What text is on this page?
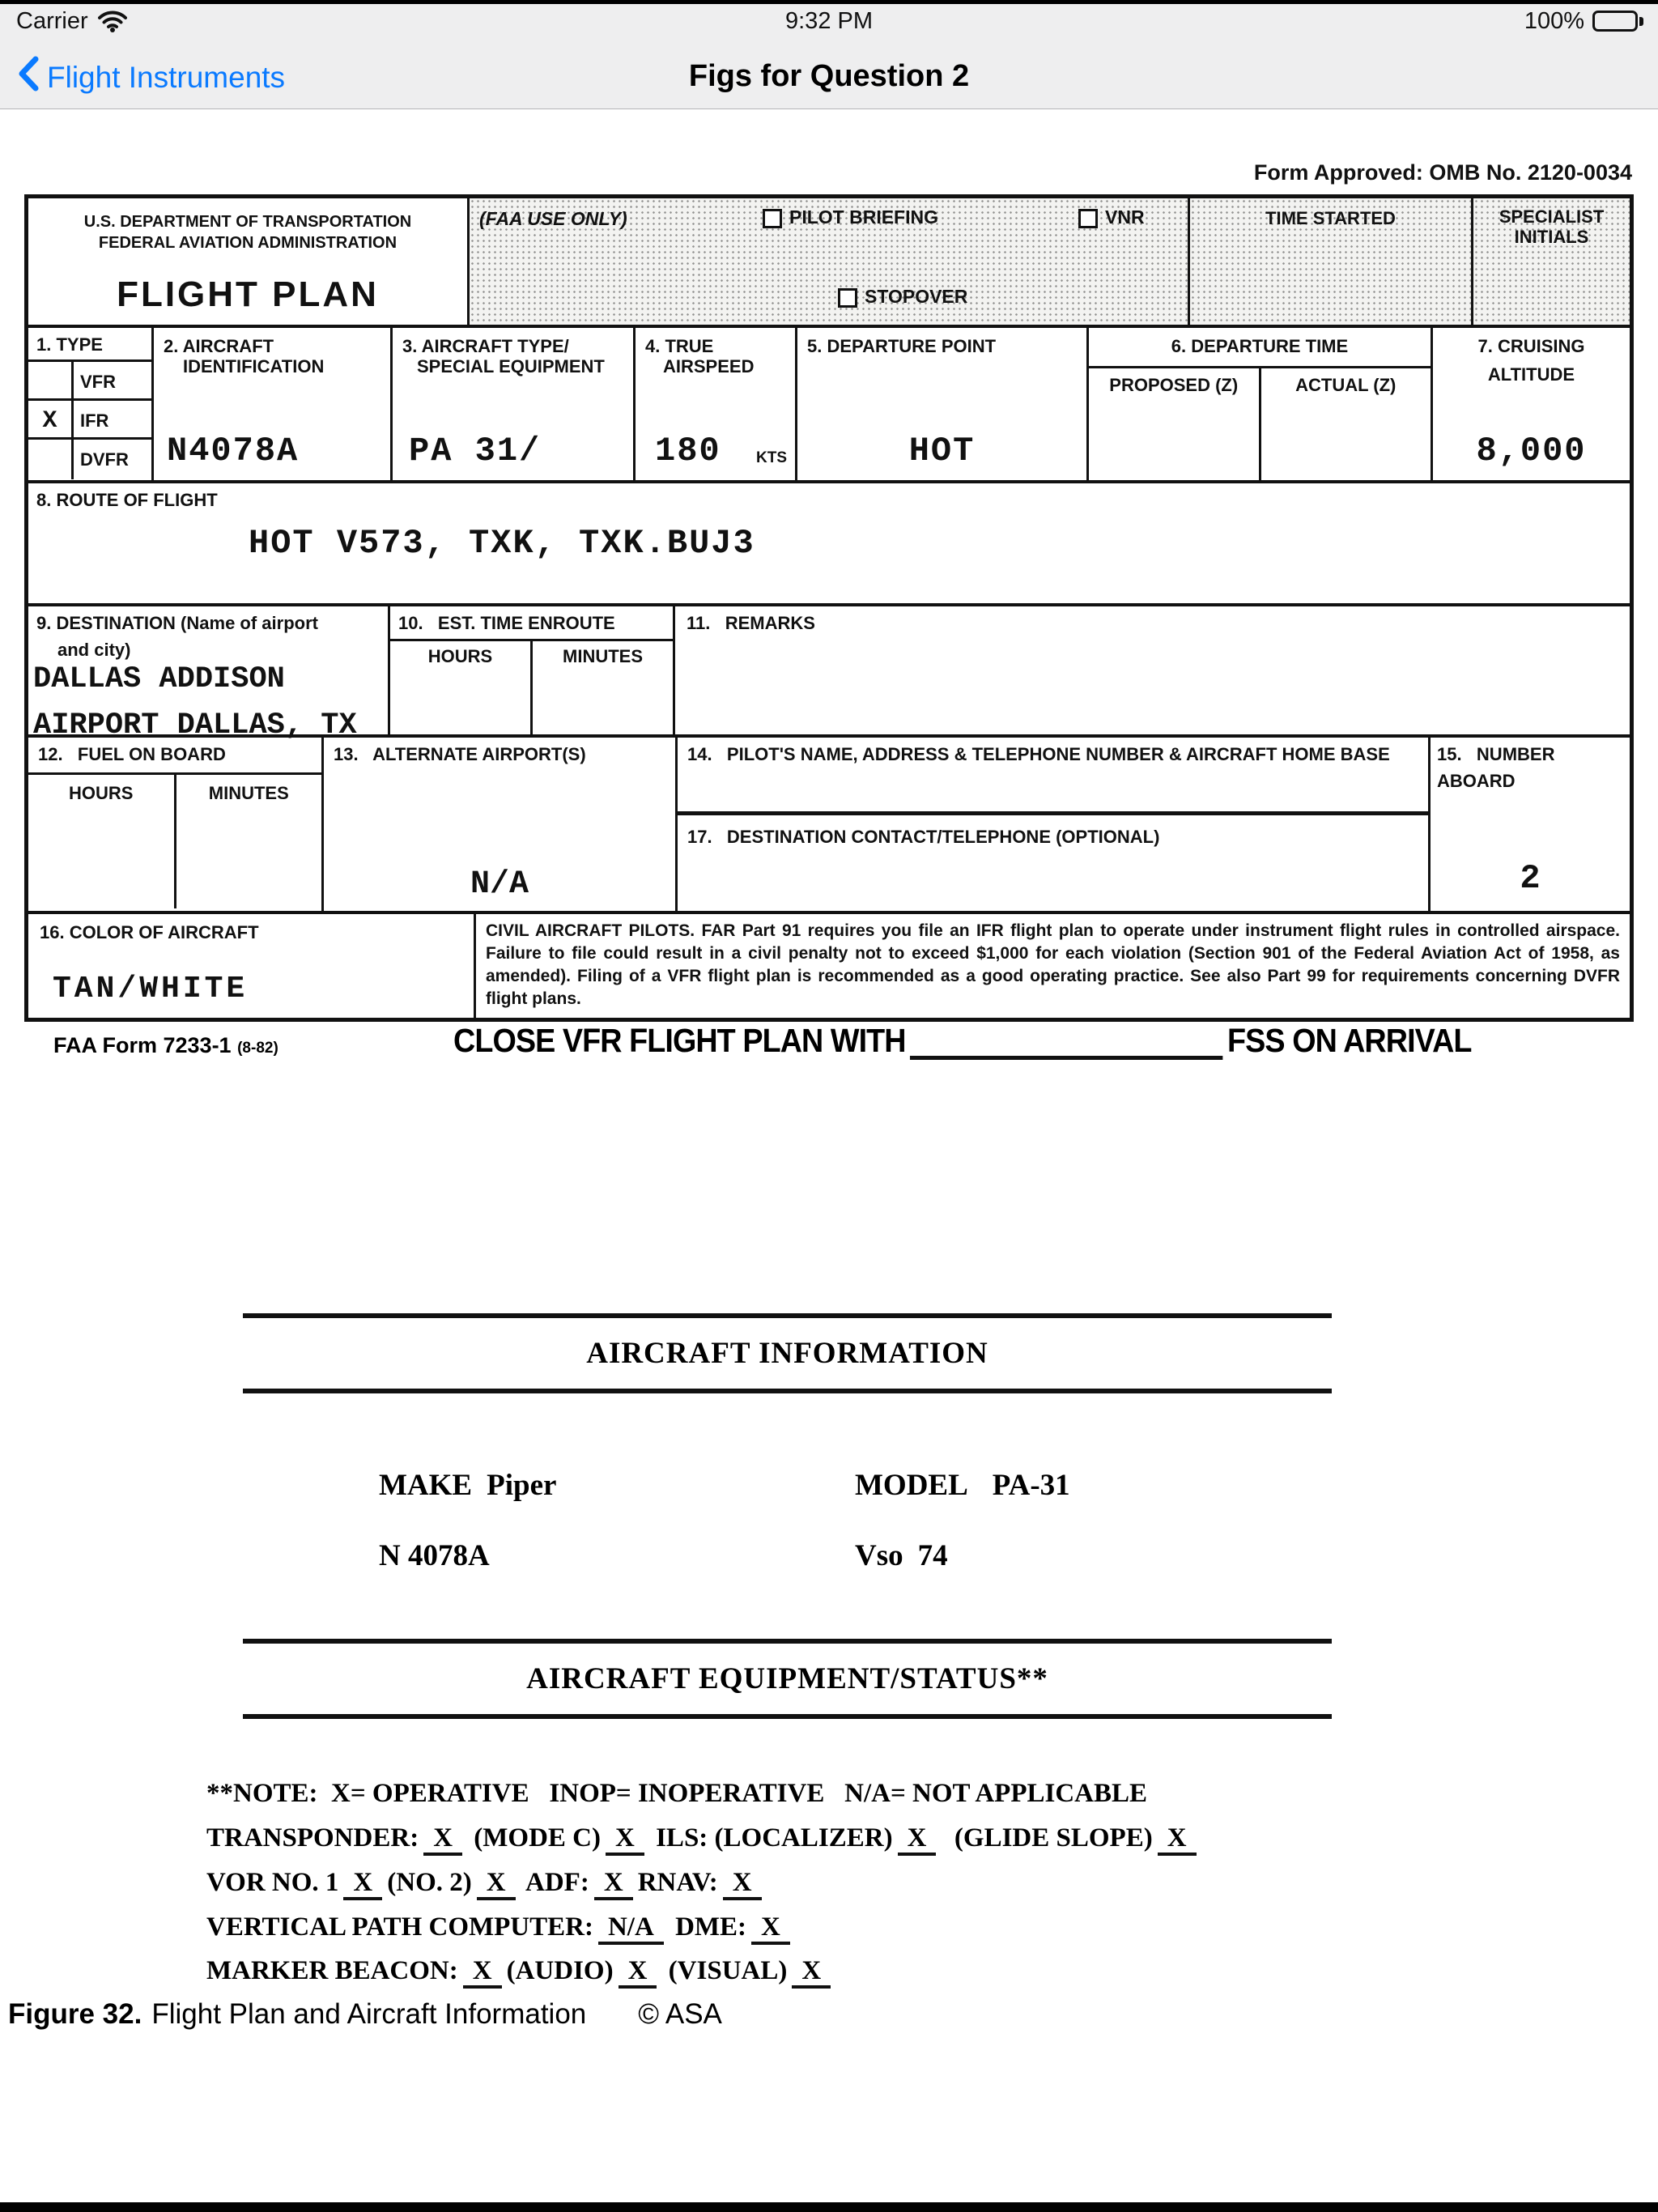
Carrier	9:32 PM	100%
Flight Instruments	Figs for Question 2
Form Approved: OMB No. 2120-0034
U.S. DEPARTMENT OF TRANSPORTATION
FEDERAL AVIATION ADMINISTRATION
FLIGHT PLAN
(FAA USE ONLY)	PILOT BRIEFING	VNR
STOPOVER
TIME STARTED	SPECIALIST
INITIALS
1. TYPE
VFR
X	IFR
DVFR
2. AIRCRAFT
IDENTIFICATION
N4078A
3. AIRCRAFT TYPE/
SPECIAL EQUIPMENT
PA 31/
4. TRUE
AIRSPEED
180 KTS
5. DEPARTURE POINT
HOT
6. DEPARTURE TIME
PROPOSED (Z)	ACTUAL (Z)
7. CRUISING
ALTITUDE
8,000
8. ROUTE OF FLIGHT
HOT V573, TXK, TXK.BUJ3
9. DESTINATION (Name of airport
and city)
DALLAS ADDISON
AIRPORT DALLAS, TX
10.   EST. TIME ENROUTE
HOURS	MINUTES
11.   REMARKS
12.   FUEL ON BOARD
HOURS	MINUTES
13.   ALTERNATE AIRPORT(S)
N/A
14.   PILOT'S NAME, ADDRESS & TELEPHONE NUMBER & AIRCRAFT HOME BASE
17.   DESTINATION CONTACT/TELEPHONE (OPTIONAL)
15.   NUMBER
ABOARD
2
16. COLOR OF AIRCRAFT
TAN/WHITE
CIVIL AIRCRAFT PILOTS. FAR Part 91 requires you file an IFR flight plan to operate under instrument flight rules in controlled airspace. Failure to file could result in a civil penalty not to exceed $1,000 for each violation (Section 901 of the Federal Aviation Act of 1958, as amended). Filing of a VFR flight plan is recommended as a good operating practice. See also Part 99 for requirements concerning DVFR flight plans.
FAA Form 7233-1 (8-82)	CLOSE VFR FLIGHT PLAN WITH	FSS ON ARRIVAL
AIRCRAFT INFORMATION
MAKE Piper	MODEL PA-31
N 4078A	Vso 74
AIRCRAFT EQUIPMENT/STATUS**
**NOTE:  X= OPERATIVE   INOP= INOPERATIVE   N/A= NOT APPLICABLE
TRANSPONDER: X (MODE C) X ILS: (LOCALIZER) X  (GLIDE SLOPE) X
VOR NO. 1 X (NO. 2) X ADF: X RNAV: X
VERTICAL PATH COMPUTER: N/A DME: X
MARKER BEACON: X (AUDIO) X (VISUAL) X
Figure 32. Flight Plan and Aircraft Information © ASA
